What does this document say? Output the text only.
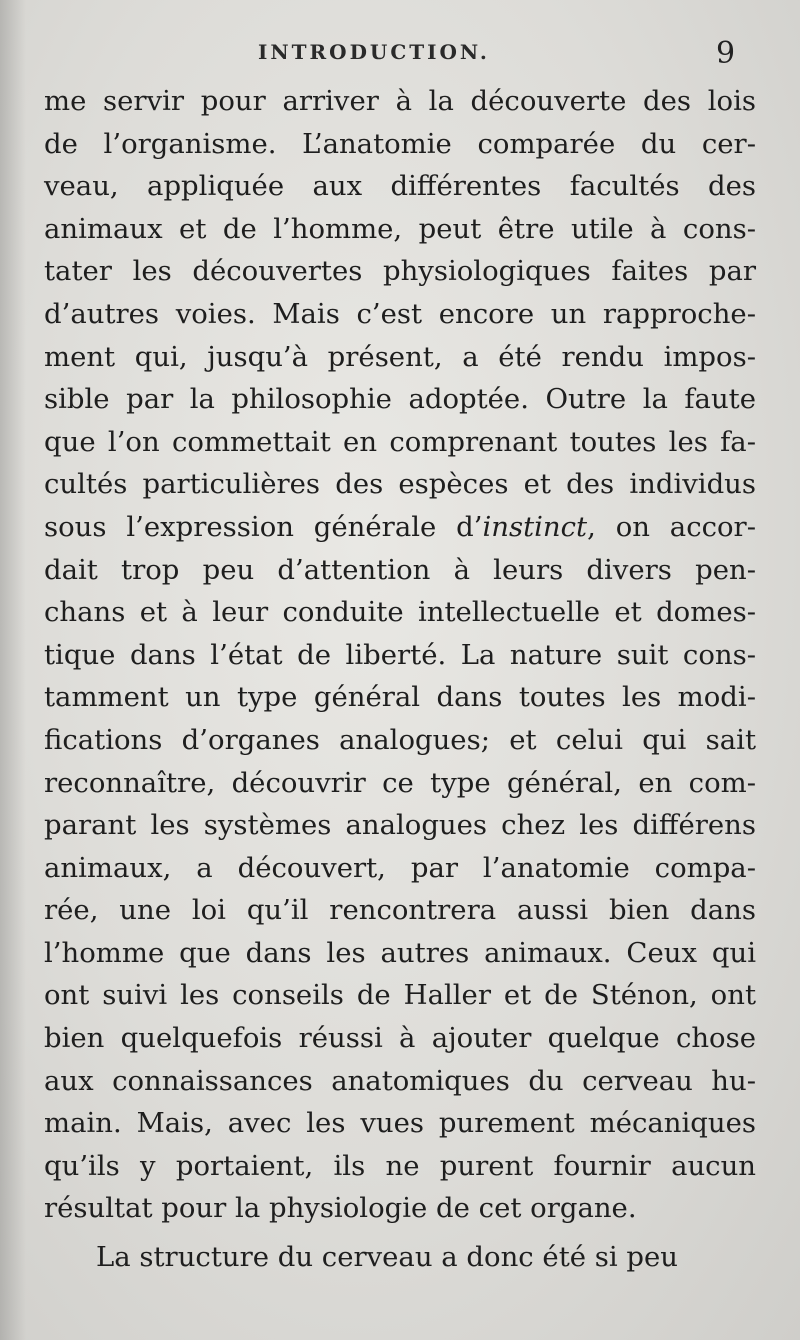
INTRODUCTION.	9
me servir pour arriver à la découverte des lois
de l’organisme. L’anatomie comparée du cer-
veau, appliquée aux différentes facultés des
animaux et de l’homme, peut être utile à cons-
tater les découvertes physiologiques faites par
d’autres voies. Mais c’est encore un rapproche-
ment qui, jusqu’à présent, a été rendu impos-
sible par la philosophie adoptée. Outre la faute
que l’on commettait en comprenant toutes les fa-
cultés particulières des espèces et des individus
sous l’expression générale d’instinct, on accor-
dait trop peu d’attention à leurs divers pen-
chans et à leur conduite intellectuelle et domes-
tique dans l’état de liberté. La nature suit cons-
tamment un type général dans toutes les modi-
fications d’organes analogues; et celui qui sait
reconnaître, découvrir ce type général, en com-
parant les systèmes analogues chez les différens
animaux, a découvert, par l’anatomie compa-
rée, une loi qu’il rencontrera aussi bien dans
l’homme que dans les autres animaux. Ceux qui
ont suivi les conseils de Haller et de Sténon, ont
bien quelquefois réussi à ajouter quelque chose
aux connaissances anatomiques du cerveau hu-
main. Mais, avec les vues purement mécaniques
qu’ils y portaient, ils ne purent fournir aucun
résultat pour la physiologie de cet organe.
La structure du cerveau a donc été si peu
